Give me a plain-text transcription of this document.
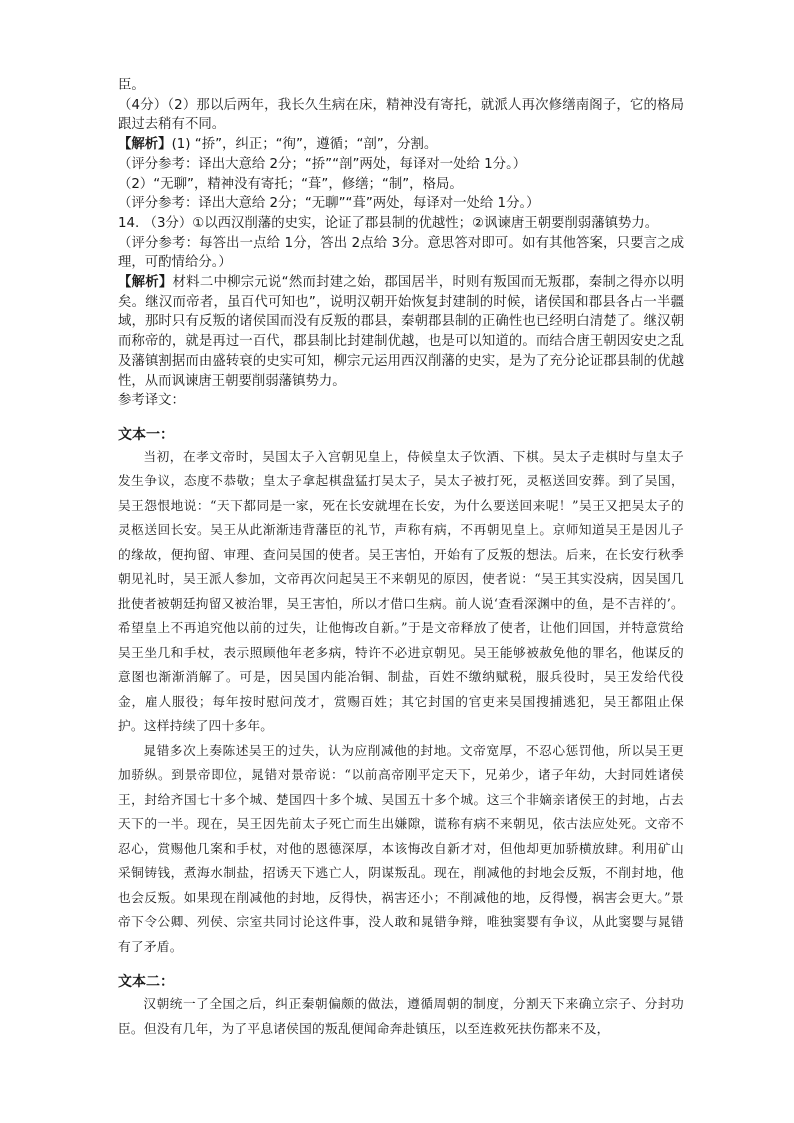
臣。

（4分）（2）那以后两年，我长久生病在床，精神没有寄托，就派人再次修缮南阁子，它的格局跟过去稍有不同。

【解析】(1) “挢”，纠正；“徇”，遵循；“剖”，分割。

（评分参考：译出大意给 2分；“挢”“剖”两处，每译对一处给 1分。）

（2）“无聊”，精神没有寄托；“葺”，修缮；“制”，格局。

（评分参考：译出大意给 2分；“无聊”“葺”两处，每译对一处给 1分。）

14. （3分）①以西汉削藩的史实，论证了郡县制的优越性；②讽谏唐王朝要削弱藩镇势力。

（评分参考：每答出一点给 1分，答出 2点给 3分。意思答对即可。如有其他答案，只要言之成理，可酌情给分。）

【解析】材料二中柳宗元说“然而封建之始，郡国居半，时则有叛国而无叛郡，秦制之得亦以明矣。继汉而帝者，虽百代可知也”，说明汉朝开始恢复封建制的时候，诸侯国和郡县各占一半疆域，那时只有反叛的诸侯国而没有反叛的郡县，秦朝郡县制的正确性也已经明白清楚了。继汉朝而称帝的，就是再过一百代，郡县制比封建制优越，也是可以知道的。而结合唐王朝因安史之乱及藩镇割据而由盛转衰的史实可知，柳宗元运用西汉削藩的史实，是为了充分论证郡县制的优越性，从而讽谏唐王朝要削弱藩镇势力。

参考译文：

文本一：

当初，在孝文帝时，吴国太子入宫朝见皇上，侍候皇太子饮酒、下棋。吴太子走棋时与皇太子发生争议，态度不恭敬；皇太子拿起棋盘猛打吴太子，吴太子被打死，灵柩送回安葬。到了吴国，吴王怨恨地说：“天下都同是一家，死在长安就埋在长安，为什么要送回来呢！”吴王又把吴太子的灵柩送回长安。吴王从此渐渐违背藩臣的礼节，声称有病，不再朝见皇上。京师知道吴王是因儿子的缘故，便拘留、审理、查问吴国的使者。吴王害怕，开始有了反叛的想法。后来，在长安行秋季朝见礼时，吴王派人参加，文帝再次问起吴王不来朝见的原因，使者说：“吴王其实没病，因吴国几批使者被朝廷拘留又被治罪，吴王害怕，所以才借口生病。前人说‘查看深渊中的鱼，是不吉祥的’。希望皇上不再追究他以前的过失，让他悔改自新。”于是文帝释放了使者，让他们回国，并特意赏给吴王坐几和手杖，表示照顾他年老多病，特许不必进京朝见。吴王能够被赦免他的罪名，他谋反的意图也渐渐消解了。可是，因吴国内能冶铜、制盐，百姓不缴纳赋税，服兵役时，吴王发给代役金，雇人服役；每年按时慰问茂才，赏赐百姓；其它封国的官吏来吴国搜捕逃犯，吴王都阻止保护。这样持续了四十多年。

晁错多次上奏陈述吴王的过失，认为应削减他的封地。文帝宽厚，不忍心惩罚他，所以吴王更加骄纵。到景帝即位，晁错对景帝说：“以前高帝刚平定天下，兄弟少，诸子年幼，大封同姓诸侯王，封给齐国七十多个城、楚国四十多个城、吴国五十多个城。这三个非嫡亲诸侯王的封地，占去天下的一半。现在，吴王因先前太子死亡而生出嫌隙，谎称有病不来朝见，依古法应处死。文帝不忍心，赏赐他几案和手杖，对他的恩德深厚，本该悔改自新才对，但他却更加骄横放肆。利用矿山采铜铸钱，煮海水制盐，招诱天下逃亡人，阴谋叛乱。现在，削减他的封地会反叛，不削封地，他也会反叛。如果现在削减他的封地，反得快，祸害还小；不削减他的地，反得慢，祸害会更大。”景帝下令公卿、列侯、宗室共同讨论这件事，没人敢和晁错争辩，唯独窦婴有争议，从此窦婴与晁错有了矛盾。

文本二：

汉朝统一了全国之后，纠正秦朝偏颇的做法，遵循周朝的制度，分割天下来确立宗子、分封功臣。但没有几年，为了平息诸侯国的叛乱便闻命奔赴镇压，以至连救死扶伤都来不及，
